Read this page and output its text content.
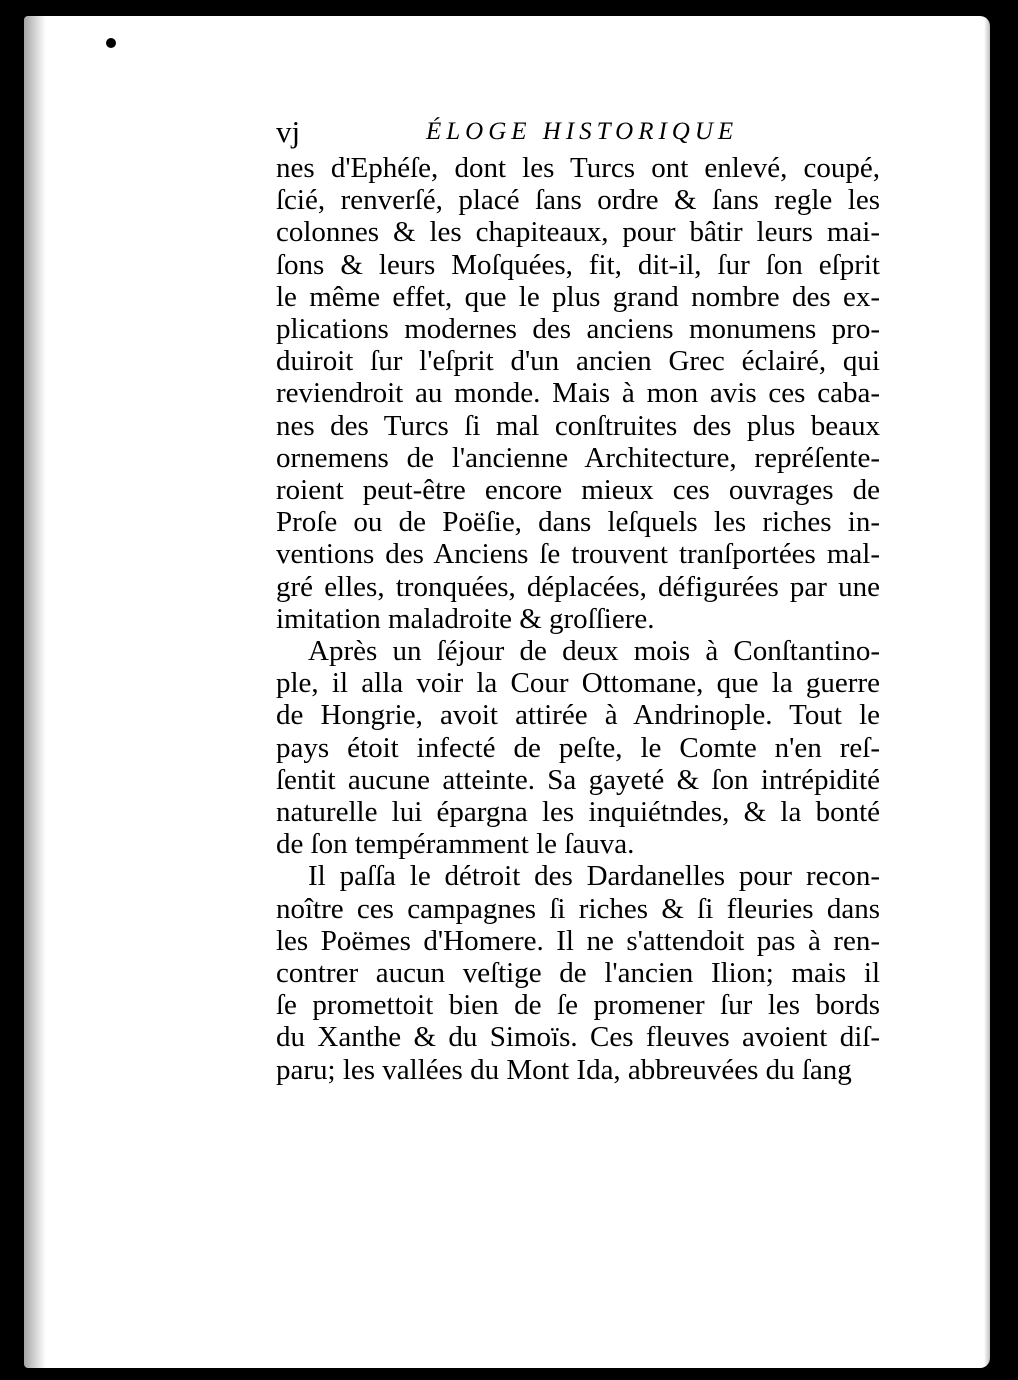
vj	ÉLOGE HISTORIQUE
nes d'Ephéſe, dont les Turcs ont enlevé, coupé,
ſcié, renverſé, placé ſans ordre & ſans regle les
colonnes & les chapiteaux, pour bâtir leurs mai-
ſons & leurs Moſquées, fit, dit-il, ſur ſon eſprit
le même effet, que le plus grand nombre des ex-
plications modernes des anciens monumens pro-
duiroit ſur l'eſprit d'un ancien Grec éclairé, qui
reviendroit au monde. Mais à mon avis ces caba-
nes des Turcs ſi mal conſtruites des plus beaux
ornemens de l'ancienne Architecture, repréſente-
roient peut-être encore mieux ces ouvrages de
Proſe ou de Poëſie, dans leſquels les riches in-
ventions des Anciens ſe trouvent tranſportées mal-
gré elles, tronquées, déplacées, défigurées par une
imitation maladroite & groſſiere.
Après un ſéjour de deux mois à Conſtantino-
ple, il alla voir la Cour Ottomane, que la guerre
de Hongrie, avoit attirée à Andrinople. Tout le
pays étoit infecté de peſte, le Comte n'en reſ-
ſentit aucune atteinte. Sa gayeté & ſon intrépidité
naturelle lui épargna les inquiétndes, & la bonté
de ſon tempéramment le ſauva.
Il paſſa le détroit des Dardanelles pour recon-
noître ces campagnes ſi riches & ſi fleuries dans
les Poëmes d'Homere. Il ne s'attendoit pas à ren-
contrer aucun veſtige de l'ancien Ilion; mais il
ſe promettoit bien de ſe promener ſur les bords
du Xanthe & du Simoïs. Ces fleuves avoient diſ-
paru; les vallées du Mont Ida, abbreuvées du ſang
